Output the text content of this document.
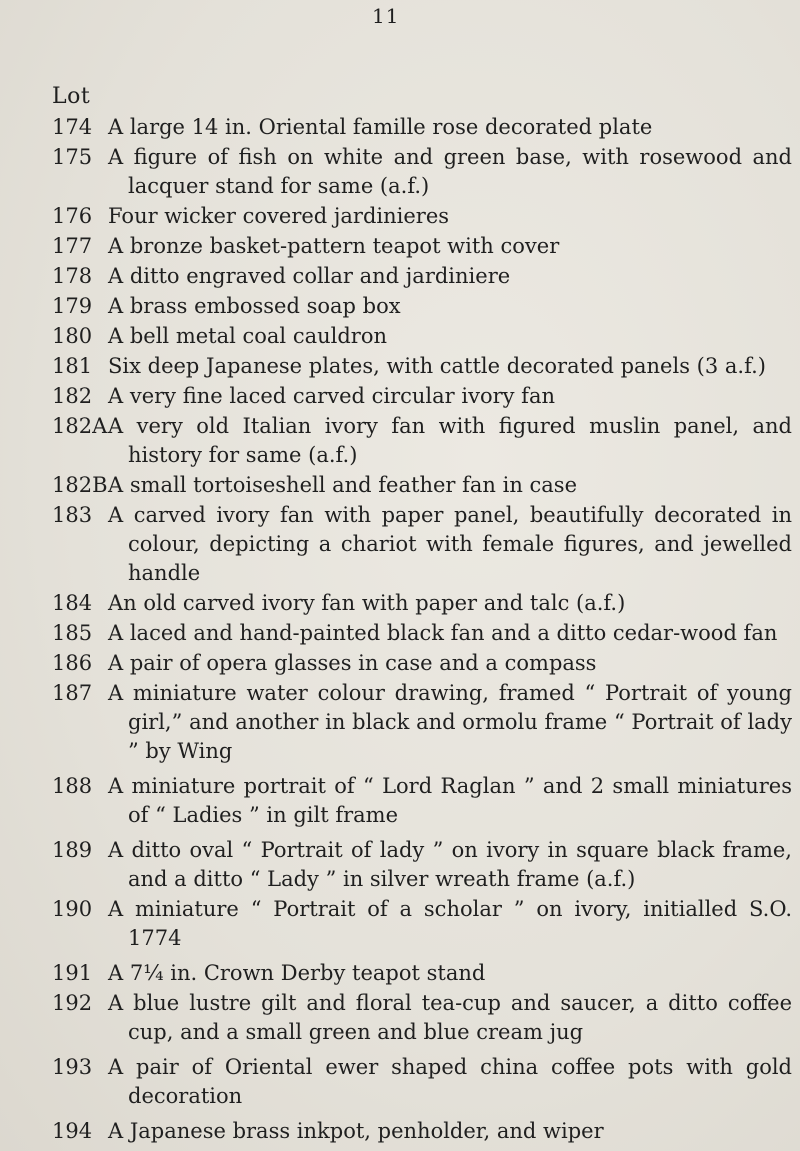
11
Lot
174 A large 14 in. Oriental famille rose decorated plate
175 A figure of fish on white and green base, with rosewood and lacquer stand for same (a.f.)
176 Four wicker covered jardinieres
177 A bronze basket-pattern teapot with cover
178 A ditto engraved collar and jardiniere
179 A brass embossed soap box
180 A bell metal coal cauldron
181 Six deep Japanese plates, with cattle decorated panels (3 a.f.)
182 A very fine laced carved circular ivory fan
182A A very old Italian ivory fan with figured muslin panel, and history for same (a.f.)
182B A small tortoiseshell and feather fan in case
183 A carved ivory fan with paper panel, beautifully decorated in colour, depicting a chariot with female figures, and jewelled handle
184 An old carved ivory fan with paper and talc (a.f.)
185 A laced and hand-painted black fan and a ditto cedar-wood fan
186 A pair of opera glasses in case and a compass
187 A miniature water colour drawing, framed “ Portrait of young girl,” and another in black and ormolu frame “ Portrait of lady ” by Wing
188 A miniature portrait of “ Lord Raglan ” and 2 small miniatures of “ Ladies ” in gilt frame
189 A ditto oval “ Portrait of lady ” on ivory in square black frame, and a ditto “ Lady ” in silver wreath frame (a.f.)
190 A miniature “ Portrait of a scholar ” on ivory, initialled S.O. 1774
191 A 7¼ in. Crown Derby teapot stand
192 A blue lustre gilt and floral tea-cup and saucer, a ditto coffee cup, and a small green and blue cream jug
193 A pair of Oriental ewer shaped china coffee pots with gold decoration
194 A Japanese brass inkpot, penholder, and wiper
